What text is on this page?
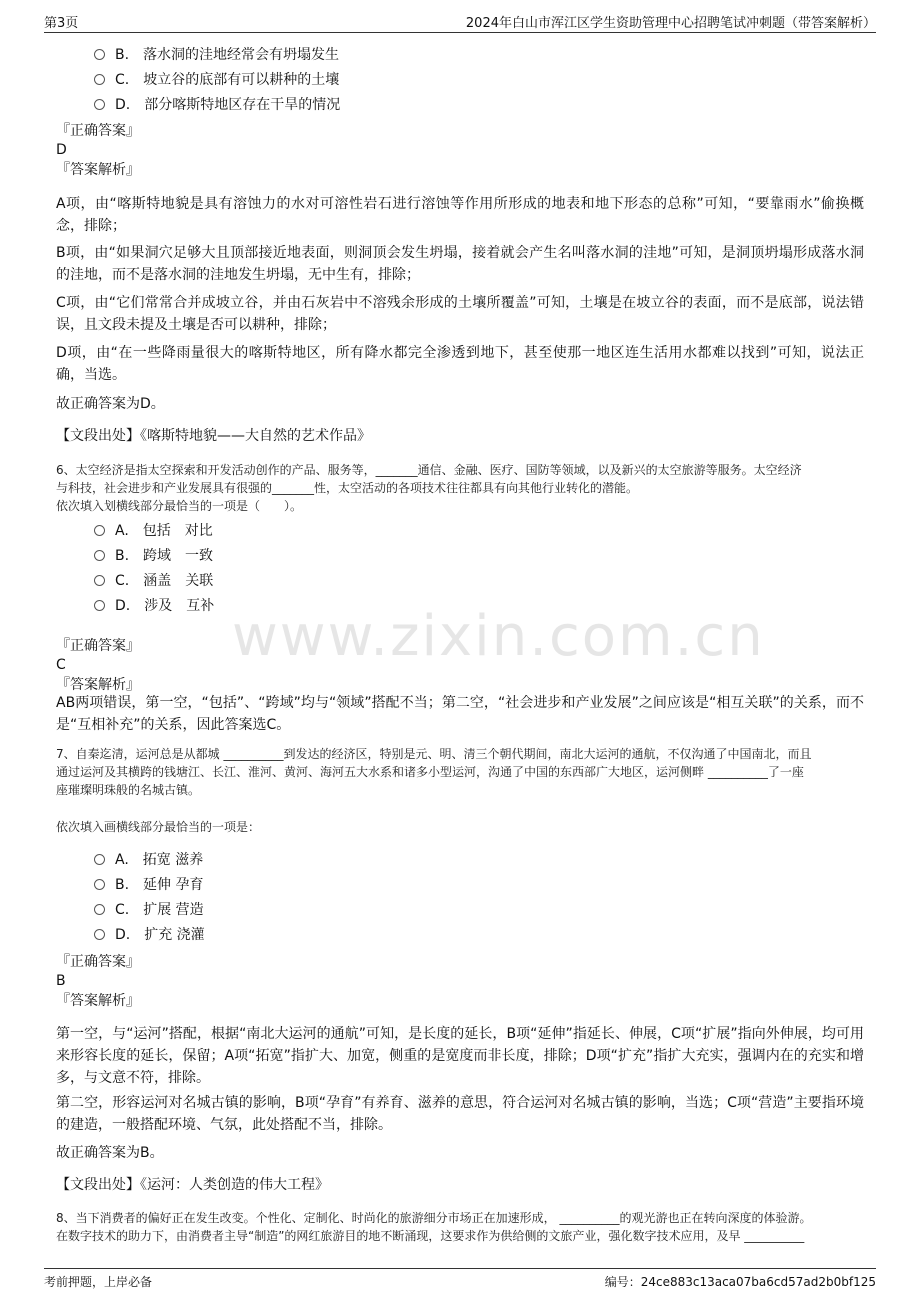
第3页	2024年白山市浑江区学生资助管理中心招聘笔试冲刺题（带答案解析）
B.　落水洞的洼地经常会有坍塌发生
C.　坡立谷的底部有可以耕种的土壤
D.　部分喀斯特地区存在干旱的情况
『正确答案』
D
『答案解析』
A项，由“喀斯特地貌是具有溶蚀力的水对可溶性岩石进行溶蚀等作用所形成的地表和地下形态的总称”可知，“要靠雨水”偷换概念，排除；
B项，由“如果洞穴足够大且顶部接近地表面，则洞顶会发生坍塌，接着就会产生名叫落水洞的洼地”可知，是洞顶坍塌形成落水洞的洼地，而不是落水洞的洼地发生坍塌，无中生有，排除；
C项，由“它们常常合并成坡立谷，并由石灰岩中不溶残余形成的土壤所覆盖”可知，土壤是在坡立谷的表面，而不是底部，说法错误，且文段未提及土壤是否可以耕种，排除；
D项，由“在一些降雨量很大的喀斯特地区，所有降水都完全渗透到地下，甚至使那一地区连生活用水都难以找到”可知，说法正确，当选。
故正确答案为D。
【文段出处】《喀斯特地貌——大自然的艺术作品》
6、太空经济是指太空探索和开发活动创作的产品、服务等，_______通信、金融、医疗、国防等领域，以及新兴的太空旅游等服务。太空经济
与科技，社会进步和产业发展具有很强的_______性，太空活动的各项技术往往都具有向其他行业转化的潜能。
依次填入划横线部分最恰当的一项是（　　）。
A.　包括　对比
B.　跨域　一致
C.　涵盖　关联
D.　涉及　互补 www.zixin.com.cn
『正确答案』
C
『答案解析』
AB两项错误，第一空，“包括”、“跨域”均与“领域”搭配不当；第二空，“社会进步和产业发展”之间应该是“相互关联”的关系，而不是“互相补充”的关系，因此答案选C。
7、自秦迄清，运河总是从都城 __________到发达的经济区，特别是元、明、清三个朝代期间，南北大运河的通航，不仅沟通了中国南北，而且
通过运河及其横跨的钱塘江、长江、淮河、黄河、海河五大水系和诸多小型运河，沟通了中国的东西部广大地区，运河侧畔 __________了一座
座璀璨明珠般的名城古镇。
依次填入画横线部分最恰当的一项是：
A.　拓宽 滋养
B.　延伸 孕育
C.　扩展 营造
D.　扩充 浇灌
『正确答案』
B
『答案解析』
第一空，与“运河”搭配，根据“南北大运河的通航”可知，是长度的延长，B项“延伸”指延长、伸展，C项“扩展”指向外伸展，均可用来形容长度的延长，保留；A项“拓宽”指扩大、加宽，侧重的是宽度而非长度，排除；D项“扩充”指扩大充实，强调内在的充实和增多，与文意不符，排除。
第二空，形容运河对名城古镇的影响，B项“孕育”有养育、滋养的意思，符合运河对名城古镇的影响，当选；C项“营造”主要指环境的建造，一般搭配环境、气氛，此处搭配不当，排除。
故正确答案为B。
【文段出处】《运河：人类创造的伟大工程》
8、当下消费者的偏好正在发生改变。个性化、定制化、时尚化的旅游细分市场正在加速形成， __________的观光游也正在转向深度的体验游。
在数字技术的助力下，由消费者主导“制造”的网红旅游目的地不断涌现，这要求作为供给侧的文旅产业，强化数字技术应用，及早 __________
考前押题，上岸必备	编号：24ce883c13aca07ba6cd57ad2b0bf125
